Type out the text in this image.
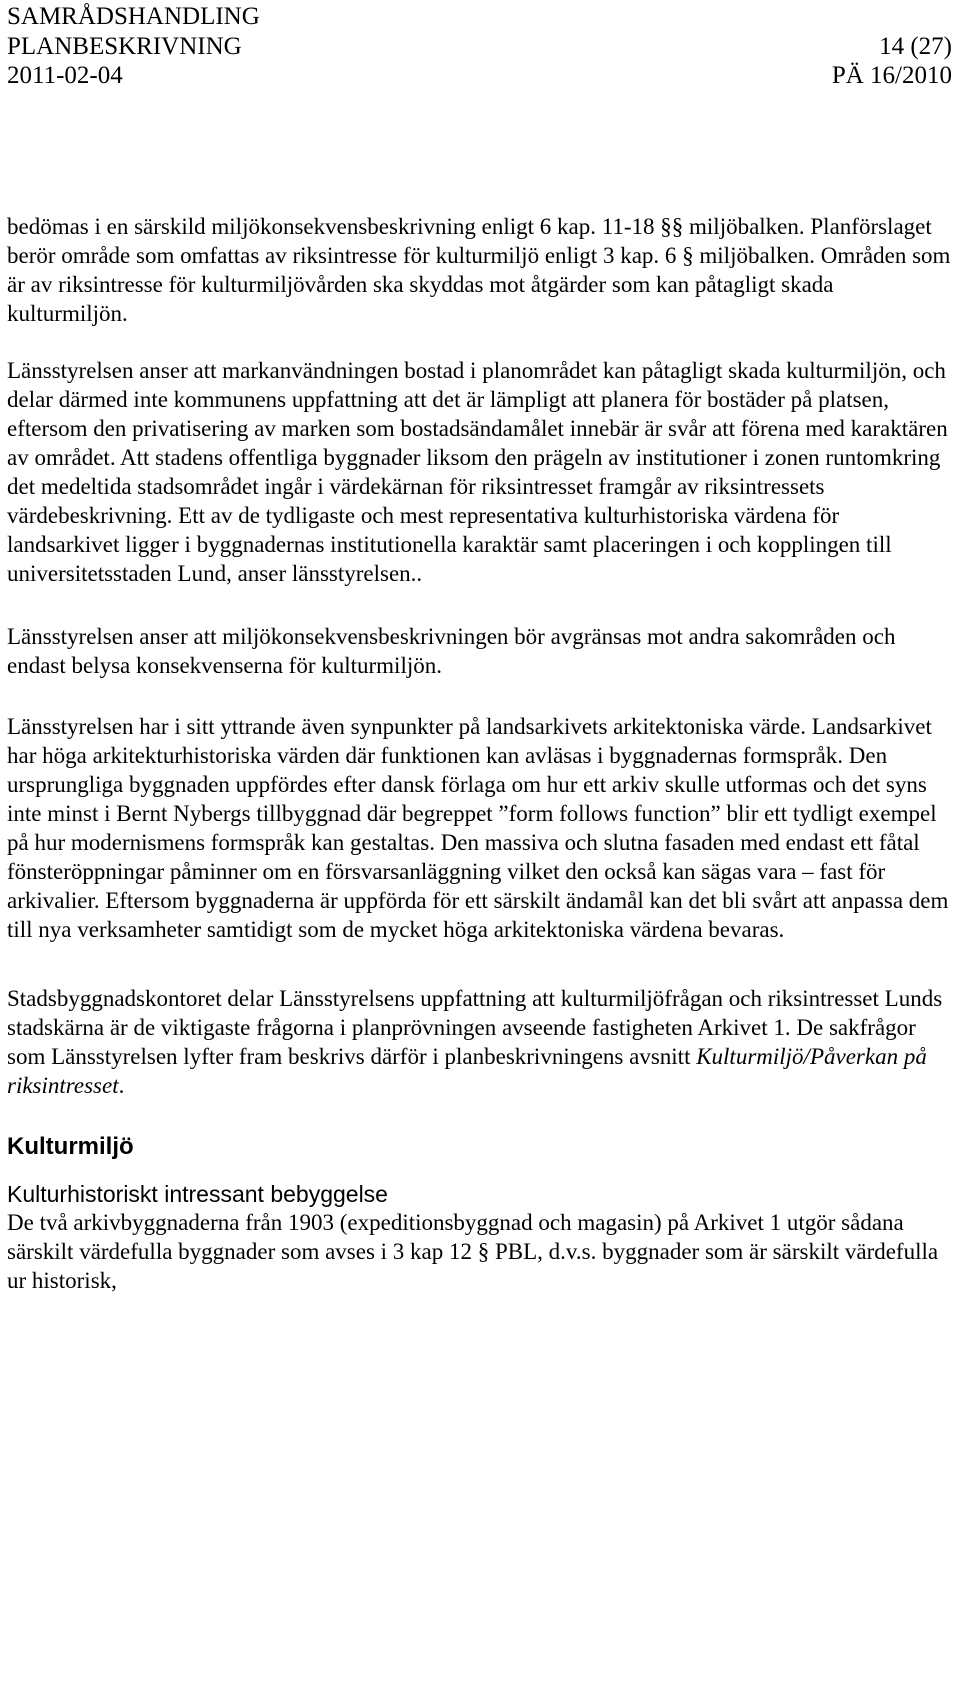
SAMRÅDSHANDLING
PLANBESKRIVNING	14 (27)
2011-02-04	PÄ 16/2010

bedömas i en särskild miljökonsekvensbeskrivning enligt 6 kap. 11-18 §§ miljöbalken. Planförslaget berör område som omfattas av riksintresse för kulturmiljö enligt 3 kap. 6 § miljöbalken. Områden som är av riksintresse för kulturmiljövården ska skyddas mot åtgärder som kan påtagligt skada kulturmiljön.

Länsstyrelsen anser att markanvändningen bostad i planområdet kan påtagligt skada kulturmiljön, och delar därmed inte kommunens uppfattning att det är lämpligt att planera för bostäder på platsen, eftersom den privatisering av marken som bostadsändamålet innebär är svår att förena med karaktären av området. Att stadens offentliga byggnader liksom den prägeln av institutioner i zonen runtomkring det medeltida stadsområdet ingår i värdekärnan för riksintresset framgår av riksintressets värdebeskrivning. Ett av de tydligaste och mest representativa kulturhistoriska värdena för landsarkivet ligger i byggnadernas institutionella karaktär samt placeringen i och kopplingen till universitetsstaden Lund, anser länsstyrelsen..

Länsstyrelsen anser att miljökonsekvensbeskrivningen bör avgränsas mot andra sakområden och endast belysa konsekvenserna för kulturmiljön.

Länsstyrelsen har i sitt yttrande även synpunkter på landsarkivets arkitektoniska värde. Landsarkivet har höga arkitekturhistoriska värden där funktionen kan avläsas i byggnadernas formspråk. Den ursprungliga byggnaden uppfördes efter dansk förlaga om hur ett arkiv skulle utformas och det syns inte minst i Bernt Nybergs tillbyggnad där begreppet ”form follows function” blir ett tydligt exempel på hur modernismens formspråk kan gestaltas. Den massiva och slutna fasaden med endast ett fåtal fönsteröppningar påminner om en försvarsanläggning vilket den också kan sägas vara – fast för arkivalier. Eftersom byggnaderna är uppförda för ett särskilt ändamål kan det bli svårt att anpassa dem till nya verksamheter samtidigt som de mycket höga arkitektoniska värdena bevaras.

Stadsbyggnadskontoret delar Länsstyrelsens uppfattning att kulturmiljöfrågan och riksintresset Lunds stadskärna är de viktigaste frågorna i planprövningen avseende fastigheten Arkivet 1. De sakfrågor som Länsstyrelsen lyfter fram beskrivs därför i planbeskrivningens avsnitt Kulturmiljö/Påverkan på riksintresset.

Kulturmiljö
Kulturhistoriskt intressant bebyggelse

De två arkivbyggnaderna från 1903 (expeditionsbyggnad och magasin) på Arkivet 1 utgör sådana särskilt värdefulla byggnader som avses i 3 kap 12 § PBL, d.v.s. byggnader som är särskilt värdefulla ur historisk,
